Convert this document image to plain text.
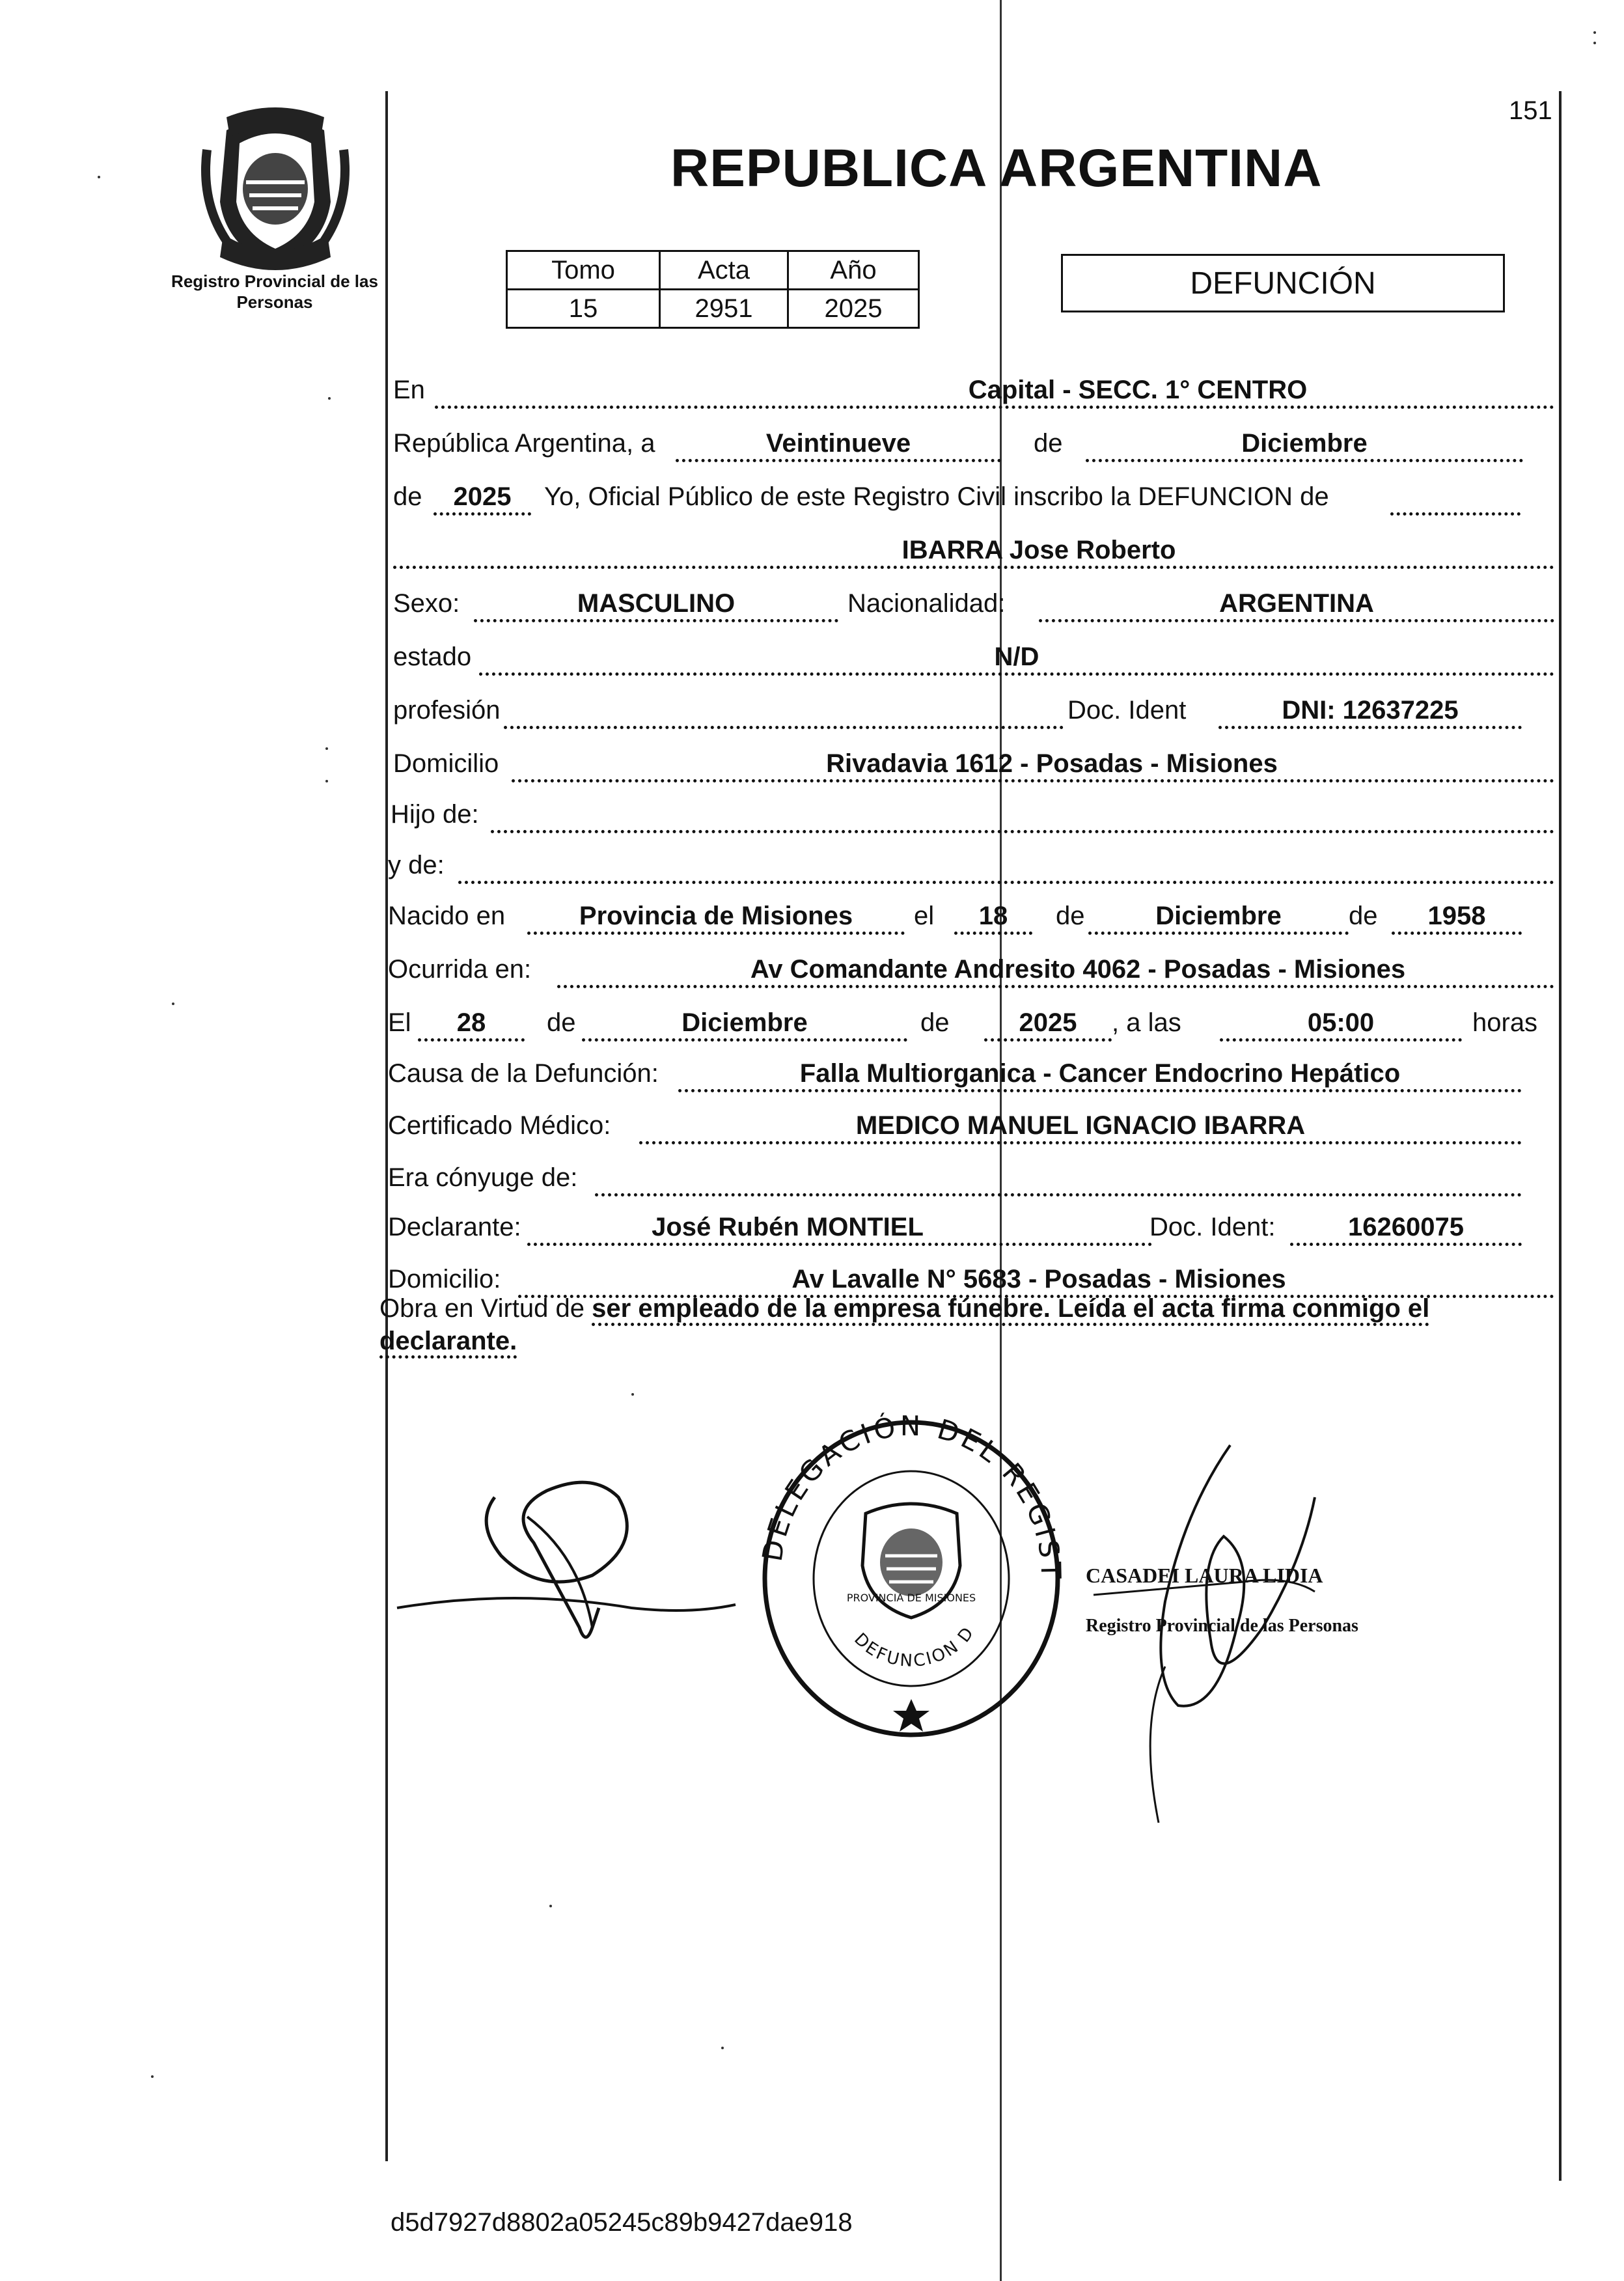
151
Registro Provincial de las Personas
REPUBLICA ARGENTINA
Tomo	Acta	Año
15	2951	2025
DEFUNCIÓN
En	Capital - SECC. 1° CENTRO
República Argentina, a	Veintinueve	de	Diciembre
de	2025	Yo, Oficial Público de este Registro Civil inscribo la DEFUNCION de
IBARRA Jose Roberto
Sexo:	MASCULINO	Nacionalidad:	ARGENTINA
estado	N/D
profesión	Doc. Ident	DNI: 12637225
Domicilio	Rivadavia 1612 - Posadas - Misiones
Hijo de:
y de:
Nacido en	Provincia de Misiones	el	18	de	Diciembre	de	1958
Ocurrida en:	Av Comandante Andresito 4062 - Posadas - Misiones
El	28	de	Diciembre	de	2025	, a las	05:00	horas
Causa de la Defunción:	Falla Multiorganica - Cancer Endocrino Hepático
Certificado Médico:	MEDICO MANUEL IGNACIO IBARRA
Era cónyuge de:
Declarante:	José Rubén MONTIEL	Doc. Ident:	16260075
Domicilio:	Av Lavalle N° 5683 - Posadas - Misiones
Obra en Virtud de ser empleado de la empresa fúnebre. Leída el acta firma conmigo el declarante.
DELEGACIÓN DEL REGIST
DEFUNCION D
PROVINCIA DE MISIONES
CASADEI LAURA LIDIA
Registro Provincial de las Personas
d5d7927d8802a05245c89b9427dae918
